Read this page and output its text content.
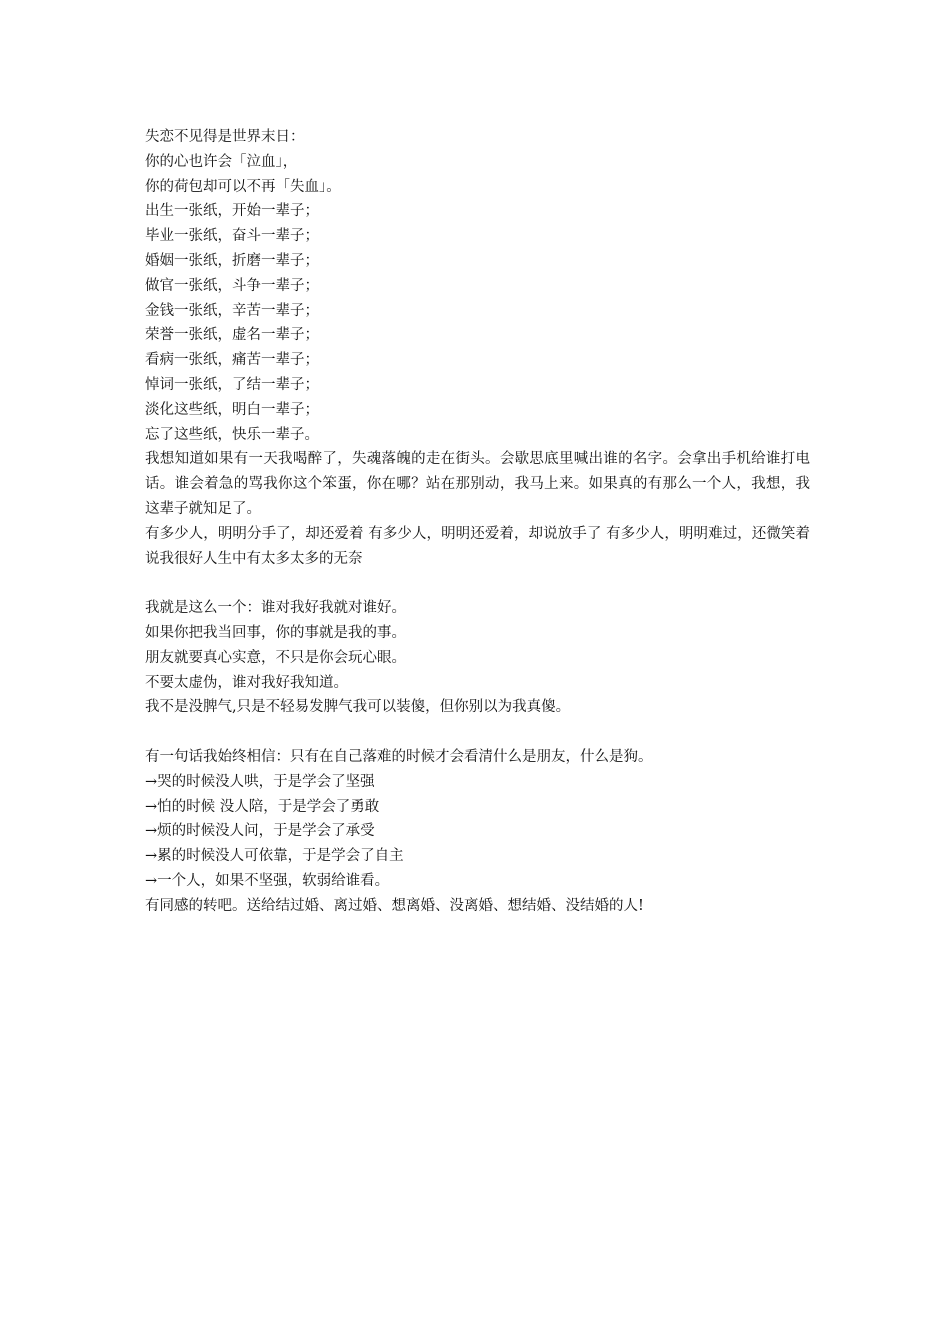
失恋不见得是世界末日：
你的心也许会「泣血」，
你的荷包却可以不再「失血」。
出生一张纸，开始一辈子；
毕业一张纸，奋斗一辈子；
婚姻一张纸，折磨一辈子；
做官一张纸，斗争一辈子；
金钱一张纸，辛苦一辈子；
荣誉一张纸，虚名一辈子；
看病一张纸，痛苦一辈子；
悼词一张纸，了结一辈子；
淡化这些纸，明白一辈子；
忘了这些纸，快乐一辈子。
我想知道如果有一天我喝醉了，失魂落魄的走在街头。会歇思底里喊出谁的名字。会拿出手机给谁打电话。谁会着急的骂我你这个笨蛋，你在哪？站在那别动，我马上来。如果真的有那么一个人，我想，我这辈子就知足了。
有多少人，明明分手了，却还爱着 有多少人，明明还爱着，却说放手了 有多少人，明明难过，还微笑着说我很好人生中有太多太多的无奈
我就是这么一个：谁对我好我就对谁好。
如果你把我当回事，你的事就是我的事。
朋友就要真心实意，不只是你会玩心眼。
不要太虚伪，谁对我好我知道。
我不是没脾气,只是不轻易发脾气我可以装傻，但你别以为我真傻。
有一句话我始终相信：只有在自己落难的时候才会看清什么是朋友，什么是狗。
→哭的时候没人哄，于是学会了坚强
→怕的时候 没人陪，于是学会了勇敢
→烦的时候没人问，于是学会了承受
→累的时候没人可依靠，于是学会了自主
→一个人，如果不坚强，软弱给谁看。
有同感的转吧。送给结过婚、离过婚、想离婚、没离婚、想结婚、没结婚的人!
